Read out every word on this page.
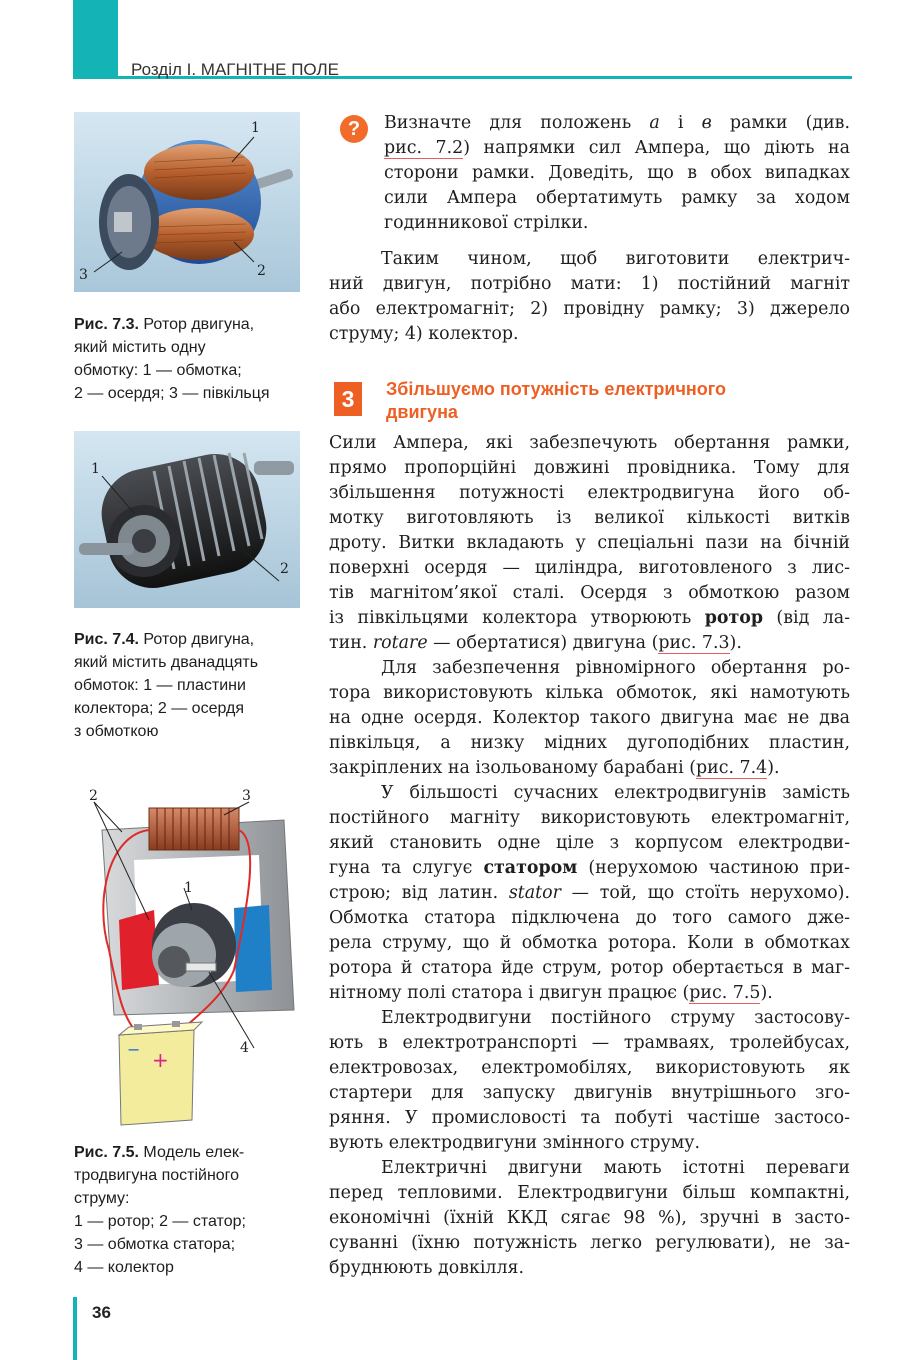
Розділ I. МАГНІТНЕ ПОЛЕ
1
2
3
Рис. 7.3. Ротор двигуна,
який містить одну
обмотку: 1 — обмотка;
2 — осердя; 3 — півкільця
1
2
Рис. 7.4. Ротор двигуна,
який містить дванадцять
обмоток: 1 — пластини
колектора; 2 — осердя
з обмоткою
2	3
1
4
− +
Рис. 7.5. Модель елек-
тродвигуна постійного
струму:
1 — ротор; 2 — статор;
3 — обмотка статора;
4 — колектор
?	Визначте для положень а і в рамки (див.
рис. 7.2) напрямки сил Ампера, що діють на
сторони рамки. Доведіть, що в обох випадках
сили Ампера обертатимуть рамку за ходом
годинникової стрілки.
Таким чином, щоб виготовити електрич-
ний двигун, потрібно мати: 1) постійний магніт
або електромагніт; 2) провідну рамку; 3) джерело
струму; 4) колектор.
3	Збільшуємо потужність електричного
двигуна
Сили Ампера, які забезпечують обертання рамки,
прямо пропорційні довжині провідника. Тому для
збільшення потужності електродвигуна його об-
мотку виготовляють із великої кількості витків
дроту. Витки вкладають у спеціальні пази на бічній
поверхні осердя — циліндра, виготовленого з лис-
тів магнітом’якої сталі. Осердя з обмоткою разом
із півкільцями колектора утворюють ротор (від ла-
тин. rotare — обертатися) двигуна (рис. 7.3).
Для забезпечення рівномірного обертання ро-
тора використовують кілька обмоток, які намотують
на одне осердя. Колектор такого двигуна має не два
півкільця, а низку мідних дугоподібних пластин,
закріплених на ізольованому барабані (рис. 7.4).
У більшості сучасних електродвигунів замість
постійного магніту використовують електромагніт,
який становить одне ціле з корпусом електродви-
гуна та слугує статором (нерухомою частиною при-
строю; від латин. stator — той, що стоїть нерухомо).
Обмотка статора підключена до того самого дже-
рела струму, що й обмотка ротора. Коли в обмотках
ротора й статора йде струм, ротор обертається в маг-
нітному полі статора і двигун працює (рис. 7.5).
Електродвигуни постійного струму застосову-
ють в електротранспорті — трамваях, тролейбусах,
електровозах, електромобілях, використовують як
стартери для запуску двигунів внутрішнього зго-
ряння. У промисловості та побуті частіше застосо-
вують електродвигуни змінного струму.
Електричні двигуни мають істотні переваги
перед тепловими. Електродвигуни більш компактні,
економічні (їхній ККД сягає 98 %), зручні в засто-
суванні (їхню потужність легко регулювати), не за-
бруднюють довкілля.
36
